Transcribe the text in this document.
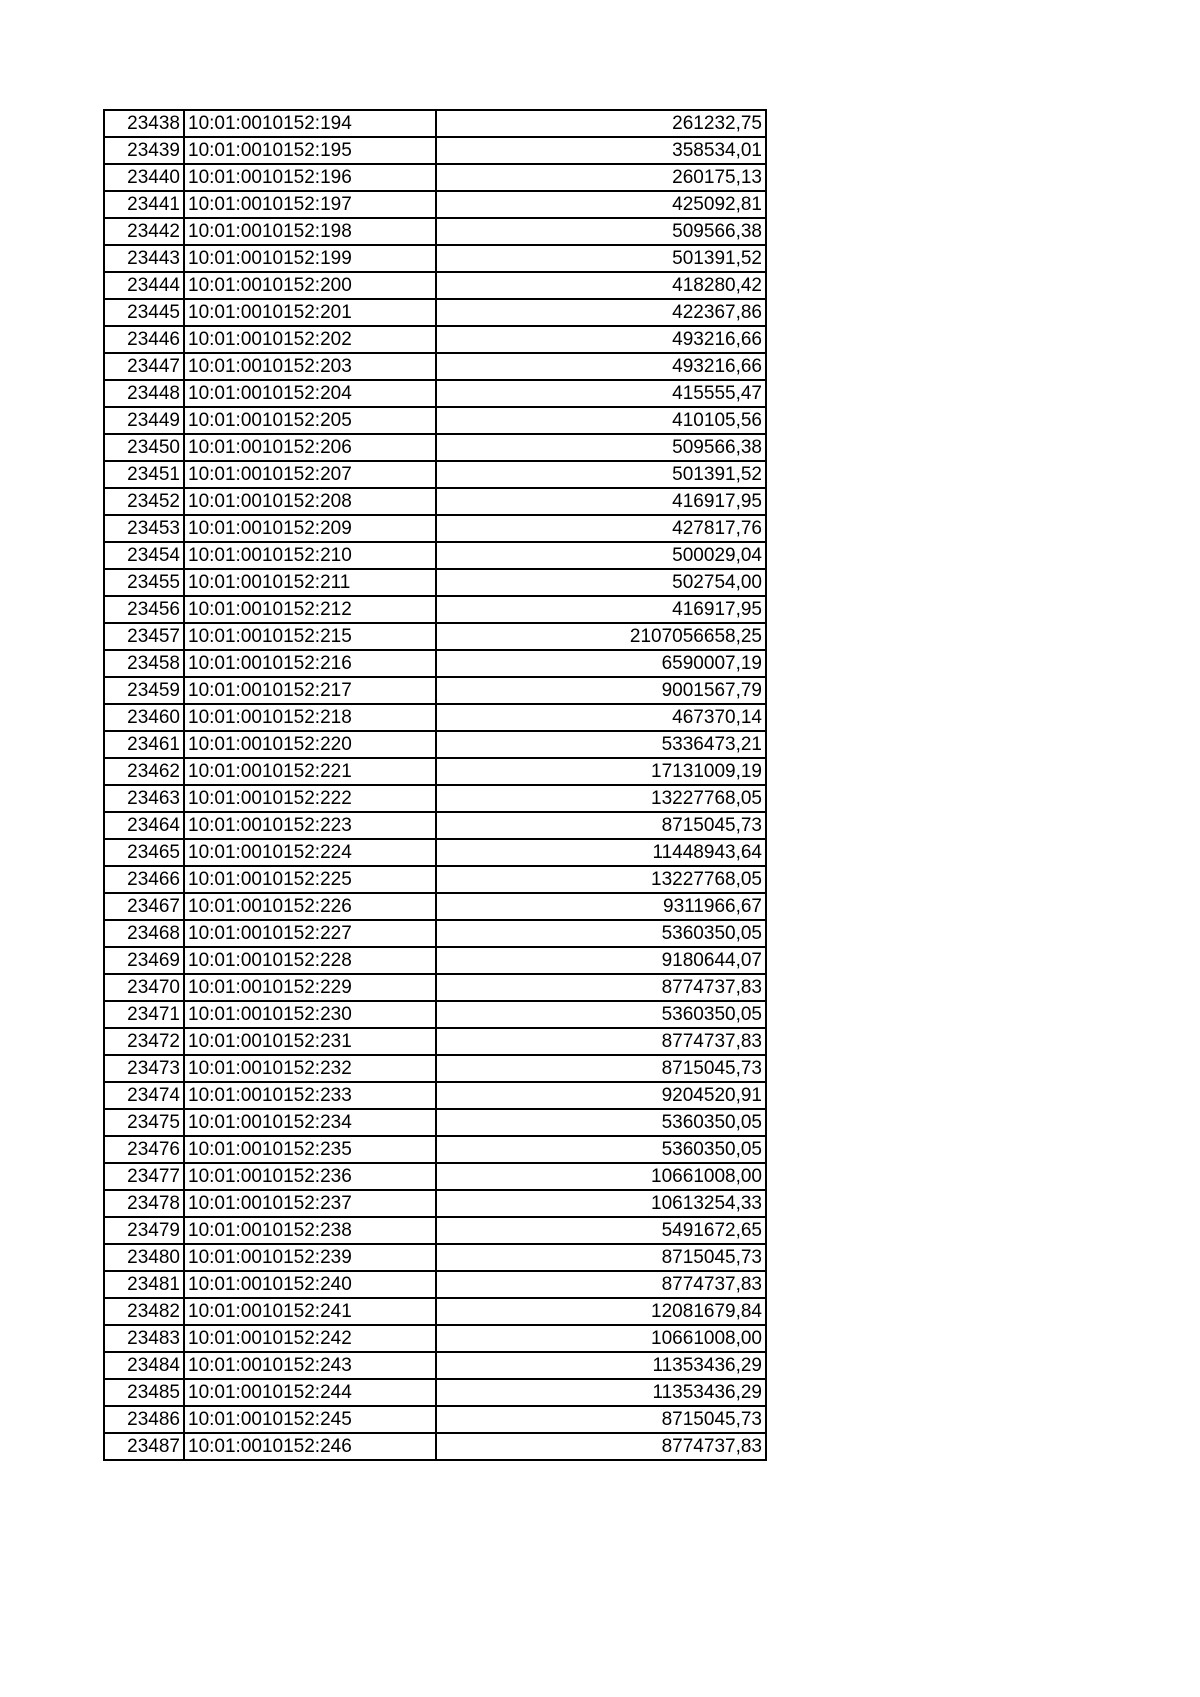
23438	10:01:0010152:194	261232,75
23439	10:01:0010152:195	358534,01
23440	10:01:0010152:196	260175,13
23441	10:01:0010152:197	425092,81
23442	10:01:0010152:198	509566,38
23443	10:01:0010152:199	501391,52
23444	10:01:0010152:200	418280,42
23445	10:01:0010152:201	422367,86
23446	10:01:0010152:202	493216,66
23447	10:01:0010152:203	493216,66
23448	10:01:0010152:204	415555,47
23449	10:01:0010152:205	410105,56
23450	10:01:0010152:206	509566,38
23451	10:01:0010152:207	501391,52
23452	10:01:0010152:208	416917,95
23453	10:01:0010152:209	427817,76
23454	10:01:0010152:210	500029,04
23455	10:01:0010152:211	502754,00
23456	10:01:0010152:212	416917,95
23457	10:01:0010152:215	2107056658,25
23458	10:01:0010152:216	6590007,19
23459	10:01:0010152:217	9001567,79
23460	10:01:0010152:218	467370,14
23461	10:01:0010152:220	5336473,21
23462	10:01:0010152:221	17131009,19
23463	10:01:0010152:222	13227768,05
23464	10:01:0010152:223	8715045,73
23465	10:01:0010152:224	11448943,64
23466	10:01:0010152:225	13227768,05
23467	10:01:0010152:226	9311966,67
23468	10:01:0010152:227	5360350,05
23469	10:01:0010152:228	9180644,07
23470	10:01:0010152:229	8774737,83
23471	10:01:0010152:230	5360350,05
23472	10:01:0010152:231	8774737,83
23473	10:01:0010152:232	8715045,73
23474	10:01:0010152:233	9204520,91
23475	10:01:0010152:234	5360350,05
23476	10:01:0010152:235	5360350,05
23477	10:01:0010152:236	10661008,00
23478	10:01:0010152:237	10613254,33
23479	10:01:0010152:238	5491672,65
23480	10:01:0010152:239	8715045,73
23481	10:01:0010152:240	8774737,83
23482	10:01:0010152:241	12081679,84
23483	10:01:0010152:242	10661008,00
23484	10:01:0010152:243	11353436,29
23485	10:01:0010152:244	11353436,29
23486	10:01:0010152:245	8715045,73
23487	10:01:0010152:246	8774737,83
